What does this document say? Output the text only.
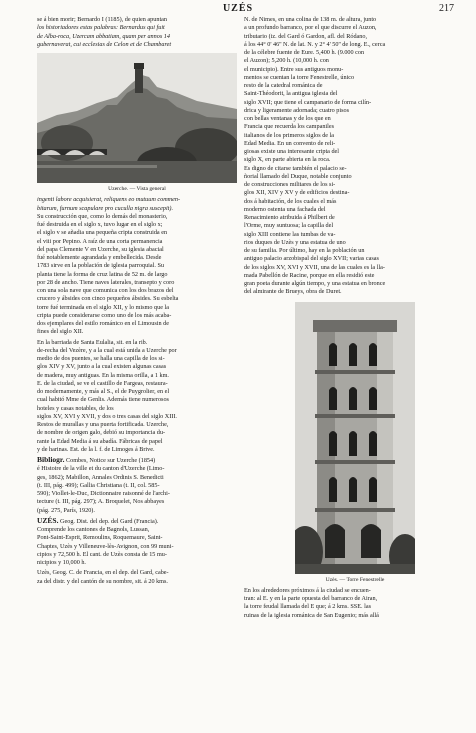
UZÉS	217

se á bien morir; Bernardo I (1185), de quien apuntan

los historiadores estas palabras: Bernardus qui fuit

de Alba-roca, Uzercam abbatiam, quam per annos 14

gubernaverat, cui ecclesias de Celon et de Chambaret

Uzerche. — Vista general

ingenti labore acquisierat, reliquens eo mutuum commen-

bitarum, furnum scapulare pro cuculla nigra suscepit).

Su construcción que, como lo demás del monasterio,

fué destruida en el siglo x, tuvo lugar en el siglo x;

el siglo v se añadia una pequeña cripta construida en

el viii por Pepino. A raíz de una corta permanencia

del papa Clemente V en Uzerche, su iglesia abacial

fué notablemente agrandada y embellecida. Desde

1783 sirve en la población de iglesia parroquial. Su

planta tiene la forma de cruz latina de 52 m. de largo

por 28 de ancho. Tiene naves laterales, transepto y coro

con una sola nave que comunica con los dos brazos del

crucero y ábsides con cinco pequeños ábsides. Su esbelta

torre fué terminada en el siglo XII, y lo mismo que la

cripta puede considerarse como uno de los más acaba-

dos ejemplares del estilo románico en el Limousin de

fines del siglo XII.

En la barriada de Santa Eulalia, sit. en la rib.

de-recha del Vezère, y a la cual está unida a Uzerche por

medio de dos puentes, se halla una capilla de los si-

glos XIV y XV, junto a la cual existen algunas casas

de madera, muy antiguas. En la misma orilla, a 1 km.

E. de la ciudad, se ve el castillo de Fargeas, restaura-

do modernamente, y más al S., el de Puygrolier, en el

cual habitó Mme de Genlis. Además tiene numerosos

hoteles y casas notables, de los

siglos XV, XVI y XVII, y dos o tres casas del siglo XIII.

Restos de murallas y una puerta fortificada. Uzerche,

de nombre de origen galo, debió su importancia du-

rante la Edad Media á su abadía. Fábricas de papel

y de harinas. Est. de la l. f. de Limoges á Brive.

Bibliogr. Combes, Notice sur Uzerche (1854)

é Histoire de la ville et du canton d'Uzerche (Limo-

ges, 1862); Mabillon, Annales Ordinis S. Benedicti

(t. III, pág. 499); Gallia Christiana (t. II, col. 585-

590); Viollet-le-Duc, Dictionnaire raisonné de l'archi-

tecture (t. III, pág. 297); A. Broquelet, Nos abbayes

(pág. 275, París, 1920).

UZÉS. Geog. Dist. del dep. del Gard (Francia).

Comprende los cantones de Bagnols, Lussan,

Pont-Saint-Esprit, Remoulins, Roquemaure, Saint-

Chaptes, Uzès y Villeneuve-lès-Avignon, con 99 muni-

cipios y 72,500 h. El cant. de Uzès consta de 15 mu-

nicipios y 10,000 h.

Uzès, Geog. C. de Francia, en el dep. del Gard, cabe-

za del distr. y del cantón de su nombre, sit. á 20 kms.

N. de Nimes, en una colina de 138 m. de altura, junto

a un profundo barranco, por el que discurre el Auzon,

tributario (iz. del Gard ó Gardon, afl. del Ródano,

á los 44° 0' 46'' N. de lat. N. y 2° 4' 50'' de long. E., cerca

de la célebre fuente de Eure. 5,400 h. (9.000 con

el Auzon); 5,200 h. (10,000 h. con

el municipio). Entre sus antiguos monu-

mentos se cuentan la torre Fenestrelle, único

resto de la catedral románica de

Saint-Théodorit, la antigua iglesia del

siglo XVII; que tiene el campanario de forma cilín-

drica y ligeramente adornada; cuatro pisos

con bellas ventanas y de los que en

Francia que recuerda los campaniles

italianos de los primeros siglos de la

Edad Media. En un convento de reli-

giosas existe una interesante cripta del

siglo X, en parte abierta en la roca.

Es digno de citarse también el palacio se-

ñorial llamado del Duque, notable conjunto

de construcciones militares de los si-

glos XII, XIV y XV y de edificios destina-

dos á habitación, de los cuales el más

moderno ostenta una fachada del

Renacimiento atribuida á Philbert de

l'Orme, muy suntuosa; la capilla del

siglo XIII contiene las tumbas de va-

rios duques de Uzès y una estatua de uno

de su familia. Por último, hay en la población un

antiguo palacio arzobispal del siglo XVII; varias casas

de los siglos XV, XVI y XVII, una de las cuales es la lla-

mada Pabellón de Racine, porque en ella residió este

gran poeta durante algún tiempo, y una estatua en bronce

del almirante de Brueys, obra de Duret.

Uzès. — Torre Fenestrelle

En los alrededores próximos á la ciudad se encuen-

tran: al E. y en la parte opuesta del barranco de Airan,

la torre feudal llamada del E que; á 2 kms. SSE. las

ruinas de la iglesia románica de San Eugenio; más allá
